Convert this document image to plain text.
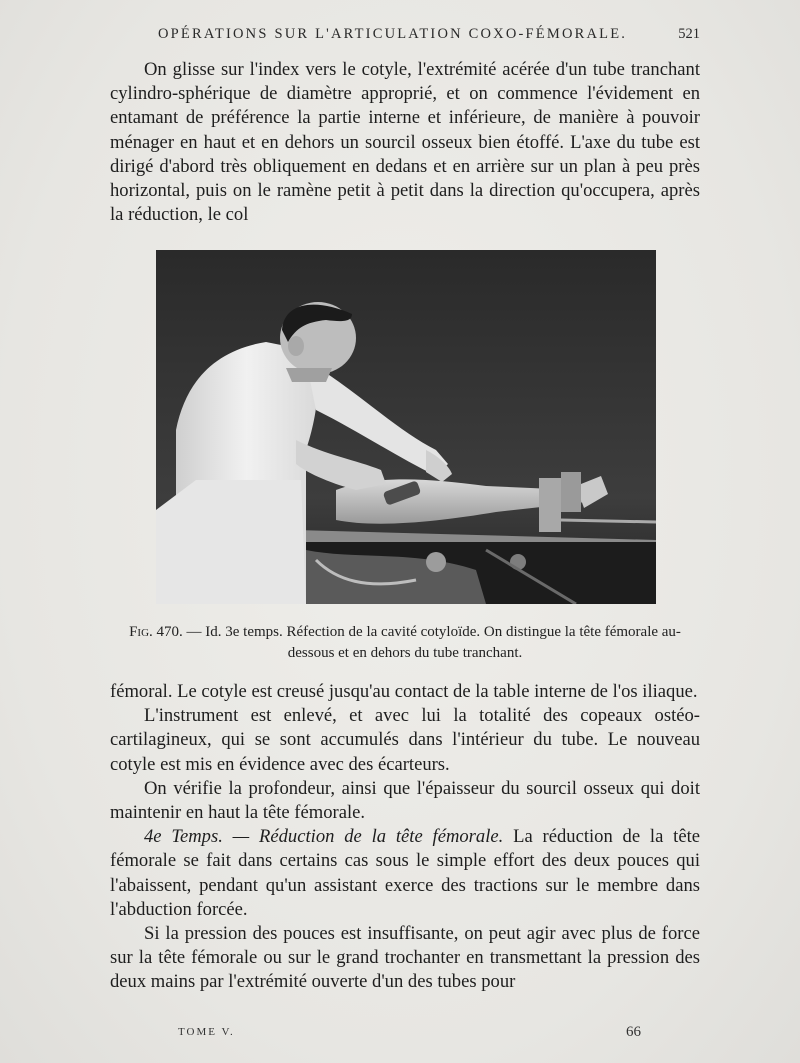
OPÉRATIONS SUR L'ARTICULATION COXO-FÉMORALE.	521

On glisse sur l'index vers le cotyle, l'extrémité acérée d'un tube tranchant cylindro-sphérique de diamètre approprié, et on commence l'évidement en entamant de préférence la partie interne et inférieure, de manière à pouvoir ménager en haut et en dehors un sourcil osseux bien étoffé. L'axe du tube est dirigé d'abord très obliquement en dedans et en arrière sur un plan à peu près horizontal, puis on le ramène petit à petit dans la direction qu'occupera, après la réduction, le col

Fig. 470. — Id. 3e temps. Réfection de la cavité cotyloïde. On distingue la tête fémorale au-dessous et en dehors du tube tranchant.

fémoral. Le cotyle est creusé jusqu'au contact de la table interne de l'os iliaque.

L'instrument est enlevé, et avec lui la totalité des copeaux ostéo-cartilagineux, qui se sont accumulés dans l'intérieur du tube. Le nouveau cotyle est mis en évidence avec des écarteurs.

On vérifie la profondeur, ainsi que l'épaisseur du sourcil osseux qui doit maintenir en haut la tête fémorale.

4e Temps. — Réduction de la tête fémorale. La réduction de la tête fémorale se fait dans certains cas sous le simple effort des deux pouces qui l'abaissent, pendant qu'un assistant exerce des tractions sur le membre dans l'abduction forcée.

Si la pression des pouces est insuffisante, on peut agir avec plus de force sur la tête fémorale ou sur le grand trochanter en transmettant la pression des deux mains par l'extrémité ouverte d'un des tubes pour

TOME V.	66
